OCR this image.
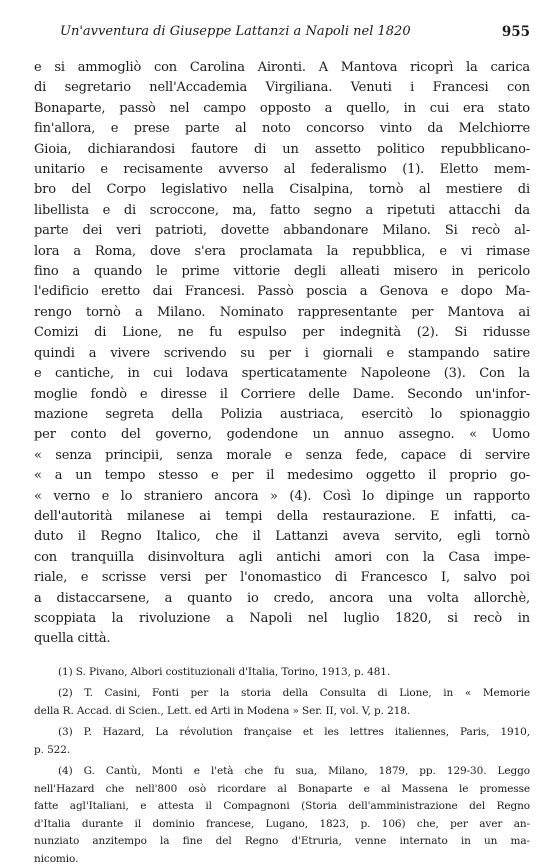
Un'avventura di Giuseppe Lattanzi a Napoli nel 1820	955
e si ammogliò con Carolina Aironti. A Mantova ricoprì la carica
di segretario nell'Accademia Virgiliana. Venuti i Francesi con
Bonaparte, passò nel campo opposto a quello, in cui era stato
fin'allora, e prese parte al noto concorso vinto da Melchiorre
Gioia, dichiarandosi fautore di un assetto politico repubblicano-
unitario e recisamente avverso al federalismo (1). Eletto mem-
bro del Corpo legislativo nella Cisalpina, tornò al mestiere di
libellista e di scroccone, ma, fatto segno a ripetuti attacchi da
parte dei veri patrioti, dovette abbandonare Milano. Si recò al-
lora a Roma, dove s'era proclamata la repubblica, e vi rimase
fino a quando le prime vittorie degli alleati misero in pericolo
l'edificio eretto dai Francesi. Passò poscia a Genova e dopo Ma-
rengo tornò a Milano. Nominato rappresentante per Mantova ai
Comizi di Lione, ne fu espulso per indegnità (2). Si ridusse
quindi a vivere scrivendo su per i giornali e stampando satire
e cantiche, in cui lodava sperticatamente Napoleone (3). Con la
moglie fondò e diresse il Corriere delle Dame. Secondo un'infor-
mazione segreta della Polizia austriaca, esercitò lo spionaggio
per conto del governo, godendone un annuo assegno. « Uomo
« senza principii, senza morale e senza fede, capace di servire
« a un tempo stesso e per il medesimo oggetto il proprio go-
« verno e lo straniero ancora » (4). Così lo dipinge un rapporto
dell'autorità milanese ai tempi della restaurazione. E infatti, ca-
duto il Regno Italico, che il Lattanzi aveva servito, egli tornò
con tranquilla disinvoltura agli antichi amori con la Casa impe-
riale, e scrisse versi per l'onomastico di Francesco I, salvo poi
a distaccarsene, a quanto io credo, ancora una volta allorchè,
scoppiata la rivoluzione a Napoli nel luglio 1820, si recò in
quella città.
(1) S. Pivano, Albori costituzionali d'Italia, Torino, 1913, p. 481.
(2) T. Casini, Fonti per la storia della Consulta di Lione, in « Memorie
della R. Accad. di Scien., Lett. ed Arti in Modena » Ser. II, vol. V, p. 218.
(3) P. Hazard, La révolution française et les lettres italiennes, Paris, 1910,
p. 522.
(4) G. Cantù, Monti e l'età che fu sua, Milano, 1879, pp. 129-30. Leggo
nell'Hazard che nell'800 osò ricordare al Bonaparte e al Massena le promesse
fatte agl'Italiani, e attesta il Compagnoni (Storia dell'amministrazione del Regno
d'Italia durante il dominio francese, Lugano, 1823, p. 106) che, per aver an-
nunziato anzitempo la fine del Regno d'Etruria, venne internato in un ma-
nicomio.
